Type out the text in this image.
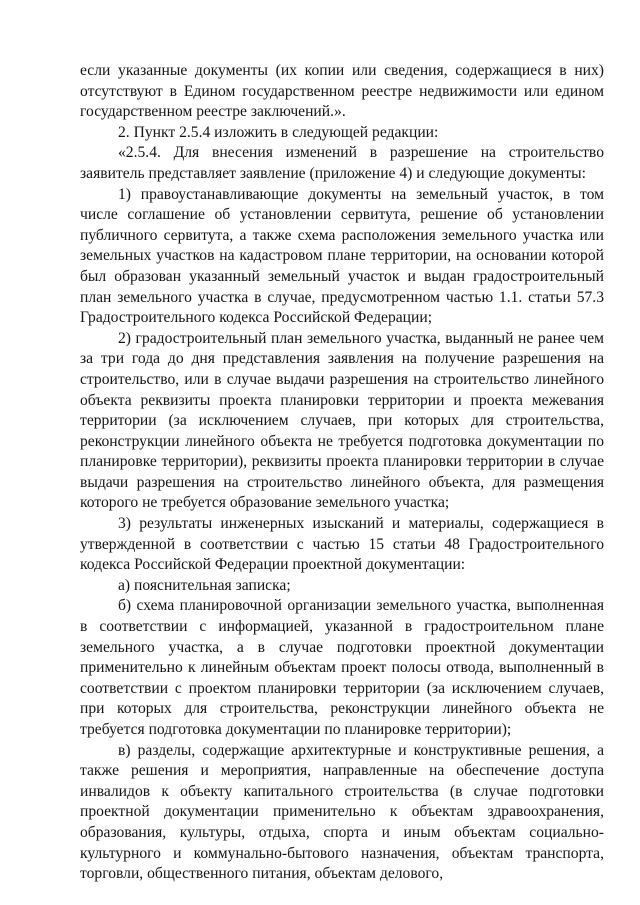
если указанные документы (их копии или сведения, содержащиеся в них) отсутствуют в Едином государственном реестре недвижимости или едином государственном реестре заключений.».

2. Пункт 2.5.4 изложить в следующей редакции:

«2.5.4. Для внесения изменений в разрешение на строительство заявитель представляет заявление (приложение 4) и следующие документы:

1) правоустанавливающие документы на земельный участок, в том числе соглашение об установлении сервитута, решение об установлении публичного сервитута, а также схема расположения земельного участка или земельных участков на кадастровом плане территории, на основании которой был образован указанный земельный участок и выдан градостроительный план земельного участка в случае, предусмотренном частью 1.1. статьи 57.3 Градостроительного кодекса Российской Федерации;

2) градостроительный план земельного участка, выданный не ранее чем за три года до дня представления заявления на получение разрешения на строительство, или в случае выдачи разрешения на строительство линейного объекта реквизиты проекта планировки территории и проекта межевания территории (за исключением случаев, при которых для строительства, реконструкции линейного объекта не требуется подготовка документации по планировке территории), реквизиты проекта планировки территории в случае выдачи разрешения на строительство линейного объекта, для размещения которого не требуется образование земельного участка;

3) результаты инженерных изысканий и материалы, содержащиеся в утвержденной в соответствии с частью 15 статьи 48 Градостроительного кодекса Российской Федерации проектной документации:

а) пояснительная записка;

б) схема планировочной организации земельного участка, выполненная в соответствии с информацией, указанной в градостроительном плане земельного участка, а в случае подготовки проектной документации применительно к линейным объектам проект полосы отвода, выполненный в соответствии с проектом планировки территории (за исключением случаев, при которых для строительства, реконструкции линейного объекта не требуется подготовка документации по планировке территории);

в) разделы, содержащие архитектурные и конструктивные решения, а также решения и мероприятия, направленные на обеспечение доступа инвалидов к объекту капитального строительства (в случае подготовки проектной документации применительно к объектам здравоохранения, образования, культуры, отдыха, спорта и иным объектам социально-культурного и коммунально-бытового назначения, объектам транспорта, торговли, общественного питания, объектам делового,
